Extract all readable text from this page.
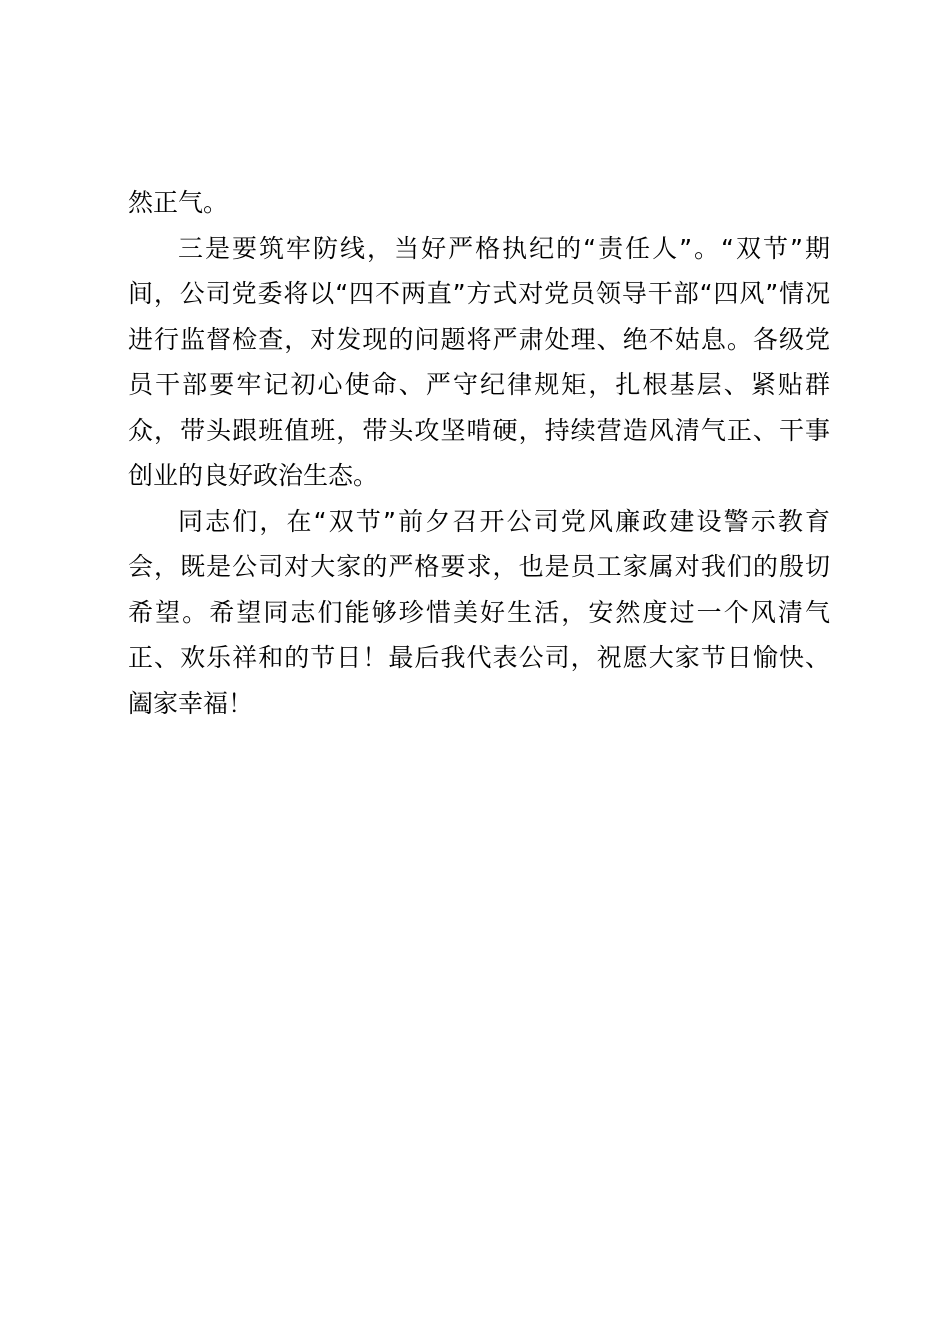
然正气。
三是要筑牢防线，当好严格执纪的“责任人”。“双节”期
间，公司党委将以“四不两直”方式对党员领导干部“四风”情况
进行监督检查，对发现的问题将严肃处理、绝不姑息。各级党
员干部要牢记初心使命、严守纪律规矩，扎根基层、紧贴群
众，带头跟班值班，带头攻坚啃硬，持续营造风清气正、干事
创业的良好政治生态。
同志们，在“双节”前夕召开公司党风廉政建设警示教育
会，既是公司对大家的严格要求，也是员工家属对我们的殷切
希望。希望同志们能够珍惜美好生活，安然度过一个风清气
正、欢乐祥和的节日！最后我代表公司，祝愿大家节日愉快、
阖家幸福！
